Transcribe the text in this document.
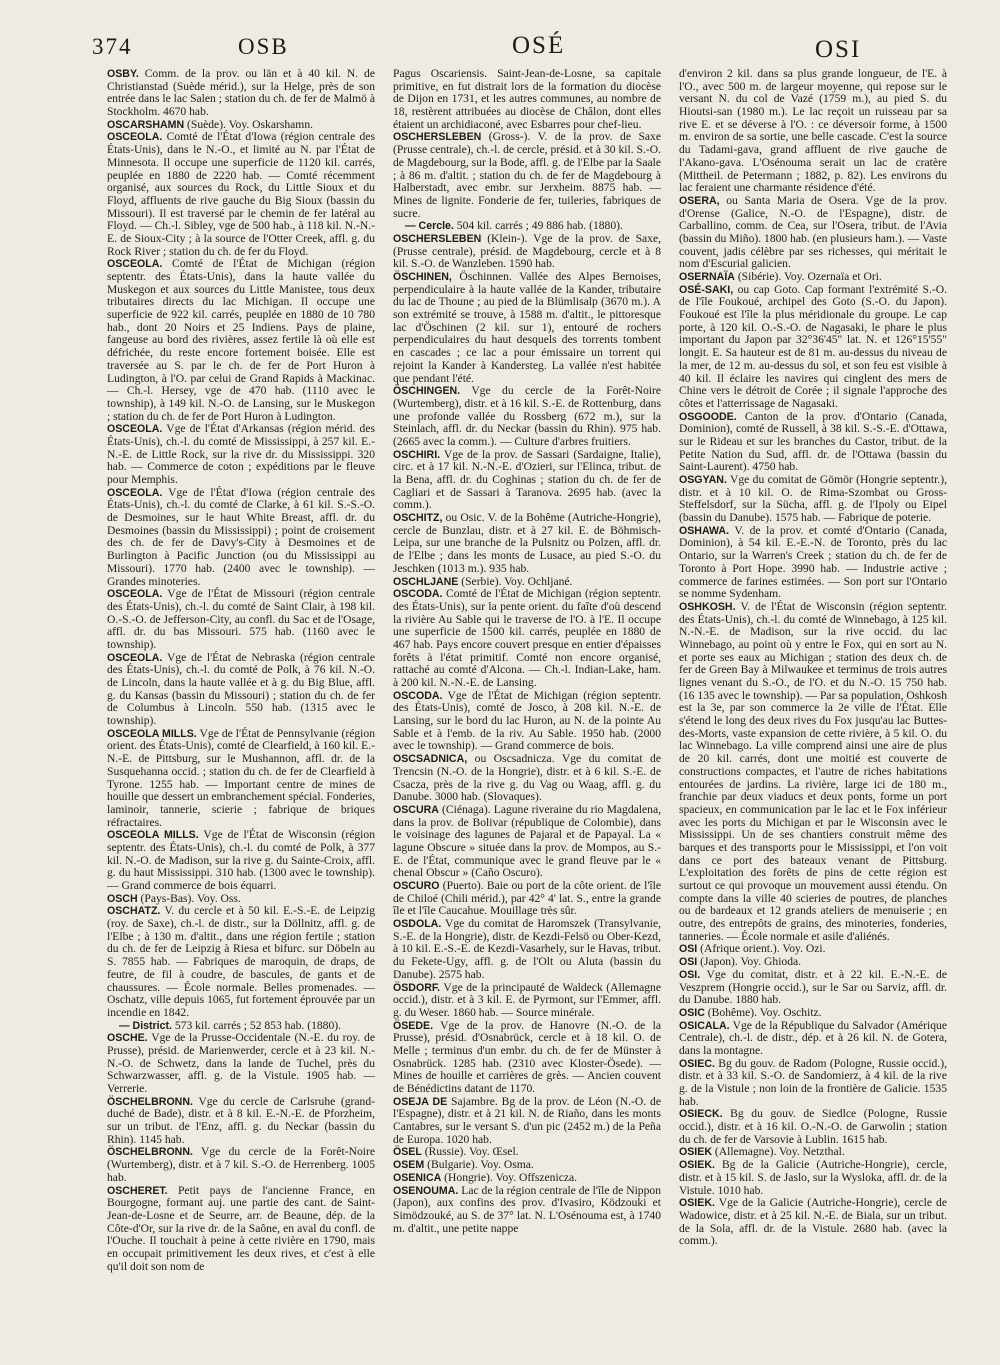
374	OSB	OSÉ	OSI

OSBY. Comm. de la prov. ou län et à 40 kil. N. de Christianstad (Suède mérid.), sur la Helge, près de son entrée dans le lac Salen ; station du ch. de fer de Malmö à Stockholm. 4670 hab.

OSCARSHAMN (Suède). Voy. Oskarshamn.

OSCEOLA. Comté de l'État d'Iowa (région centrale des États-Unis), dans le N.-O., et limité au N. par l'État de Minnesota. Il occupe une superficie de 1120 kil. carrés, peuplée en 1880 de 2220 hab. — Comté récemment organisé, aux sources du Rock, du Little Sioux et du Floyd, affluents de rive gauche du Big Sioux (bassin du Missouri). Il est traversé par le chemin de fer latéral au Floyd. — Ch.-l. Sibley, vge de 500 hab., à 118 kil. N.-N.-E. de Sioux-City ; à la source de l'Otter Creek, affl. g. du Rock River ; station du ch. de fer du Floyd.

OSCEOLA. Comté de l'État de Michigan (région septentr. des États-Unis), dans la haute vallée du Muskegon et aux sources du Little Manistee, tous deux tributaires directs du lac Michigan. Il occupe une superficie de 922 kil. carrés, peuplée en 1880 de 10 780 hab., dont 20 Noirs et 25 Indiens. Pays de plaine, fangeuse au bord des rivières, assez fertile là où elle est défrichée, du reste encore fortement boisée. Elle est traversée au S. par le ch. de fer de Port Huron à Ludington, à l'O. par celui de Grand Rapids à Mackinac. — Ch.-l. Hersey, vge de 470 hab. (1110 avec le township), à 149 kil. N.-O. de Lansing, sur le Muskegon ; station du ch. de fer de Port Huron à Ludington.

OSCEOLA. Vge de l'État d'Arkansas (région mérid. des États-Unis), ch.-l. du comté de Mississippi, à 257 kil. E.-N.-E. de Little Rock, sur la rive dr. du Mississippi. 320 hab. — Commerce de coton ; expéditions par le fleuve pour Memphis.

OSCEOLA. Vge de l'État d'Iowa (région centrale des États-Unis), ch.-l. du comté de Clarke, à 61 kil. S.-S.-O. de Desmoines, sur le haut White Breast, affl. dr. du Desmoines (bassin du Mississippi) ; point de croisement des ch. de fer de Davy's-City à Desmoines et de Burlington à Pacific Junction (ou du Mississippi au Missouri). 1770 hab. (2400 avec le township). — Grandes minoteries.

OSCEOLA. Vge de l'État de Missouri (région centrale des États-Unis), ch.-l. du comté de Saint Clair, à 198 kil. O.-S.-O. de Jefferson-City, au confl. du Sac et de l'Osage, affl. dr. du bas Missouri. 575 hab. (1160 avec le township).

OSCEOLA. Vge de l'État de Nebraska (région centrale des États-Unis), ch.-l. du comté de Polk, à 76 kil. N.-O. de Lincoln, dans la haute vallée et à g. du Big Blue, affl. g. du Kansas (bassin du Missouri) ; station du ch. de fer de Columbus à Lincoln. 550 hab. (1315 avec le township).

OSCEOLA MILLS. Vge de l'État de Pennsylvanie (région orient. des États-Unis), comté de Clearfield, à 160 kil. E.-N.-E. de Pittsburg, sur le Mushannon, affl. dr. de la Susquehanna occid. ; station du ch. de fer de Clearfield à Tyrone. 1255 hab. — Important centre de mines de houille que dessert un embranchement spécial. Fonderies, laminoir, tannerie, scierie ; fabrique de briques réfractaires.

OSCEOLA MILLS. Vge de l'État de Wisconsin (région septentr. des États-Unis), ch.-l. du comté de Polk, à 377 kil. N.-O. de Madison, sur la rive g. du Sainte-Croix, affl. g. du haut Mississippi. 310 hab. (1300 avec le township). — Grand commerce de bois équarri.

OSCH (Pays-Bas). Voy. Oss.

OSCHATZ. V. du cercle et à 50 kil. E.-S.-E. de Leipzig (roy. de Saxe), ch.-l. de distr., sur la Döllnitz, affl. g. de l'Elbe ; à 130 m. d'altit., dans une région fertile ; station du ch. de fer de Leipzig à Riesa et bifurc. sur Döbeln au S. 7855 hab. — Fabriques de maroquin, de draps, de feutre, de fil à coudre, de bascules, de gants et de chaussures. — École normale. Belles promenades. — Oschatz, ville depuis 1065, fut fortement éprouvée par un incendie en 1842.

— District. 573 kil. carrés ; 52 853 hab. (1880).

OSCHE. Vge de la Prusse-Occidentale (N.-E. du roy. de Prusse), présid. de Marienwerder, cercle et à 23 kil. N.-N.-O. de Schwetz, dans la lande de Tuchel, près du Schwarzwasser, affl. g. de la Vistule. 1905 hab. — Verrerie.

ÖSCHELBRONN. Vge du cercle de Carlsruhe (grand-duché de Bade), distr. et à 8 kil. E.-N.-E. de Pforzheim, sur un tribut. de l'Enz, affl. g. du Neckar (bassin du Rhin). 1145 hab.

ÖSCHELBRONN. Vge du cercle de la Forêt-Noire (Wurtemberg), distr. et à 7 kil. S.-O. de Herrenberg. 1005 hab.

OSCHERET. Petit pays de l'ancienne France, en Bourgogne, formant auj. une partie des cant. de Saint-Jean-de-Losne et de Seurre, arr. de Beaune, dép. de la Côte-d'Or, sur la rive dr. de la Saône, en aval du confl. de l'Ouche. Il touchait à peine à cette rivière en 1790, mais en occupait primitivement les deux rives, et c'est à elle qu'il doit son nom de

Pagus Oscariensis. Saint-Jean-de-Losne, sa capitale primitive, en fut distrait lors de la formation du diocèse de Dijon en 1731, et les autres communes, au nombre de 18, restèrent attribuées au diocèse de Châlon, dont elles étaient un archidiaconé, avec Esbarres pour chef-lieu.

OSCHERSLEBEN (Gross-). V. de la prov. de Saxe (Prusse centrale), ch.-l. de cercle, présid. et à 30 kil. S.-O. de Magdebourg, sur la Bode, affl. g. de l'Elbe par la Saale ; à 86 m. d'altit. ; station du ch. de fer de Magdebourg à Halberstadt, avec embr. sur Jerxheim. 8875 hab. — Mines de lignite. Fonderie de fer, tuileries, fabriques de sucre.

— Cercle. 504 kil. carrés ; 49 886 hab. (1880).

OSCHERSLEBEN (Klein-). Vge de la prov. de Saxe, (Prusse centrale), présid. de Magdebourg, cercle et à 8 kil. S.-O. de Wanzleben. 1590 hab.

ÖSCHINEN, Öschinnen. Vallée des Alpes Bernoises, perpendiculaire à la haute vallée de la Kander, tributaire du lac de Thoune ; au pied de la Blümlisalp (3670 m.). A son extrémité se trouve, à 1588 m. d'altit., le pittoresque lac d'Öschinen (2 kil. sur 1), entouré de rochers perpendiculaires du haut desquels des torrents tombent en cascades ; ce lac a pour émissaire un torrent qui rejoint la Kander à Kandersteg. La vallée n'est habitée que pendant l'été.

ÖSCHINGEN. Vge du cercle de la Forêt-Noire (Wurtemberg), distr. et à 16 kil. S.-E. de Rottenburg, dans une profonde vallée du Rossberg (672 m.), sur la Steinlach, affl. dr. du Neckar (bassin du Rhin). 975 hab. (2665 avec la comm.). — Culture d'arbres fruitiers.

OSCHIRI. Vge de la prov. de Sassari (Sardaigne, Italie), circ. et à 17 kil. N.-N.-E. d'Ozieri, sur l'Elinca, tribut. de la Bena, affl. dr. du Coghinas ; station du ch. de fer de Cagliari et de Sassari à Taranova. 2695 hab. (avec la comm.).

OSCHITZ, ou Osic. V. de la Bohême (Autriche-Hongrie), cercle de Bunzlau, distr. et à 27 kil. E. de Böhmisch-Leipa, sur une branche de la Pulsnitz ou Polzen, affl. dr. de l'Elbe ; dans les monts de Lusace, au pied S.-O. du Jeschken (1013 m.). 935 hab.

OSCHLJANE (Serbie). Voy. Ochljané.

OSCODA. Comté de l'État de Michigan (région septentr. des États-Unis), sur la pente orient. du faîte d'où descend la rivière Au Sable qui le traverse de l'O. à l'E. Il occupe une superficie de 1500 kil. carrés, peuplée en 1880 de 467 hab. Pays encore couvert presque en entier d'épaisses forêts à l'état primitif. Comté non encore organisé, rattaché au comté d'Alcona. — Ch.-l. Indian-Lake, ham. à 200 kil. N.-N.-E. de Lansing.

OSCODA. Vge de l'État de Michigan (région septentr. des États-Unis), comté de Josco, à 208 kil. N.-E. de Lansing, sur le bord du lac Huron, au N. de la pointe Au Sable et à l'emb. de la riv. Au Sable. 1950 hab. (2000 avec le township). — Grand commerce de bois.

OSCSADNICA, ou Oscsadnicza. Vge du comitat de Trencsin (N.-O. de la Hongrie), distr. et à 6 kil. S.-E. de Csacza, près de la rive g. du Vag ou Waag, affl. g. du Danube. 3000 hab. (Slovaques).

OSCURA (Ciénaga). Lagune riveraine du rio Magdalena, dans la prov. de Bolivar (république de Colombie), dans le voisinage des lagunes de Pajaral et de Papayal. La « lagune Obscure » située dans la prov. de Mompos, au S.-E. de l'État, communique avec le grand fleuve par le « chenal Obscur » (Caño Oscuro).

OSCURO (Puerto). Baie ou port de la côte orient. de l'île de Chiloé (Chili mérid.), par 42° 4' lat. S., entre la grande île et l'île Caucahue. Mouillage très sûr.

OSDOLA. Vge du comitat de Haromszek (Transylvanie, S.-E. de la Hongrie), distr. de Kezdi-Felsö ou Ober-Kezd, à 10 kil. E.-S.-E. de Kezdi-Vasarhely, sur le Havas, tribut. du Fekete-Ugy, affl. g. de l'Olt ou Aluta (bassin du Danube). 2575 hab.

ÖSDORF. Vge de la principauté de Waldeck (Allemagne occid.), distr. et à 3 kil. E. de Pyrmont, sur l'Emmer, affl. g. du Weser. 1860 hab. — Source minérale.

ÖSEDE. Vge de la prov. de Hanovre (N.-O. de la Prusse), présid. d'Osnabrück, cercle et à 18 kil. O. de Melle ; terminus d'un embr. du ch. de fer de Münster à Osnabrück. 1285 hab. (2310 avec Kloster-Ösede). — Mines de houille et carrières de grès. — Ancien couvent de Bénédictins datant de 1170.

OSEJA DE Sajambre. Bg de la prov. de Léon (N.-O. de l'Espagne), distr. et à 21 kil. N. de Riaño, dans les monts Cantabres, sur le versant S. d'un pic (2452 m.) de la Peña de Europa. 1020 hab.

ÖSEL (Russie). Voy. Œsel.

OSEM (Bulgarie). Voy. Osma.

OSENICA (Hongrie). Voy. Offszenicza.

OSENOUMA. Lac de la région centrale de l'île de Nippon (Japon), aux confins des prov. d'Ivasiro, Ködzouki et Simödzouké, au S. de 37° lat. N. L'Osénouma est, à 1740 m. d'altit., une petite nappe

d'environ 2 kil. dans sa plus grande longueur, de l'E. à l'O., avec 500 m. de largeur moyenne, qui repose sur le versant N. du col de Vazé (1759 m.), au pied S. du Hioutsi-san (1980 m.). Le lac reçoit un ruisseau par sa rive E. et se déverse à l'O. : ce déversoir forme, à 1500 m. environ de sa sortie, une belle cascade. C'est la source du Tadami-gava, grand affluent de rive gauche de l'Akano-gava. L'Osénouma serait un lac de cratère (Mittheil. de Petermann ; 1882, p. 82). Les environs du lac feraient une charmante résidence d'été.

OSERA, ou Santa Maria de Osera. Vge de la prov. d'Orense (Galice, N.-O. de l'Espagne), distr. de Carballino, comm. de Cea, sur l'Osera, tribut. de l'Avia (bassin du Miño). 1800 hab. (en plusieurs ham.). — Vaste couvent, jadis célèbre par ses richesses, qui méritait le nom d'Escurial galicien.

OSERNAÏA (Sibérie). Voy. Ozernaïa et Ori.

OSÉ-SAKI, ou cap Goto. Cap formant l'extrémité S.-O. de l'île Foukoué, archipel des Goto (S.-O. du Japon). Foukoué est l'île la plus méridionale du groupe. Le cap porte, à 120 kil. O.-S.-O. de Nagasaki, le phare le plus important du Japon par 32°36'45" lat. N. et 126°15'55" longit. E. Sa hauteur est de 81 m. au-dessus du niveau de la mer, de 12 m. au-dessus du sol, et son feu est visible à 40 kil. Il éclaire les navires qui cinglent des mers de Chine vers le détroit de Corée ; il signale l'approche des côtes et l'atterrissage de Nagasaki.

OSGOODE. Canton de la prov. d'Ontario (Canada, Dominion), comté de Russell, à 38 kil. S.-S.-E. d'Ottawa, sur le Rideau et sur les branches du Castor, tribut. de la Petite Nation du Sud, affl. dr. de l'Ottawa (bassin du Saint-Laurent). 4750 hab.

OSGYAN. Vge du comitat de Gömör (Hongrie septentr.), distr. et à 10 kil. O. de Rima-Szombat ou Gross-Steffelsdorf, sur la Sücha, affl. g. de l'Ipoly ou Eipel (bassin du Danube). 1575 hab. — Fabrique de poterie.

OSHAWA. V. de la prov. et comté d'Ontario (Canada, Dominion), à 54 kil. E.-E.-N. de Toronto, près du lac Ontario, sur la Warren's Creek ; station du ch. de fer de Toronto à Port Hope. 3990 hab. — Industrie active ; commerce de farines estimées. — Son port sur l'Ontario se nomme Sydenham.

OSHKOSH. V. de l'État de Wisconsin (région septentr. des États-Unis), ch.-l. du comté de Winnebago, à 125 kil. N.-N.-E. de Madison, sur la rive occid. du lac Winnebago, au point où y entre le Fox, qui en sort au N. et porte ses eaux au Michigan ; station des deux ch. de fer de Green Bay à Milwaukee et terminus de trois autres lignes venant du S.-O., de l'O. et du N.-O. 15 750 hab. (16 135 avec le township). — Par sa population, Oshkosh est la 3e, par son commerce la 2e ville de l'État. Elle s'étend le long des deux rives du Fox jusqu'au lac Buttes-des-Morts, vaste expansion de cette rivière, à 5 kil. O. du lac Winnebago. La ville comprend ainsi une aire de plus de 20 kil. carrés, dont une moitié est couverte de constructions compactes, et l'autre de riches habitations entourées de jardins. La rivière, large ici de 180 m., franchie par deux viaducs et deux ponts, forme un port spacieux, en communication par le lac et le Fox inférieur avec les ports du Michigan et par le Wisconsin avec le Mississippi. Un de ses chantiers construit même des barques et des transports pour le Mississippi, et l'on voit dans ce port des bateaux venant de Pittsburg. L'exploitation des forêts de pins de cette région est surtout ce qui provoque un mouvement aussi étendu. On compte dans la ville 40 scieries de poutres, de planches ou de bardeaux et 12 grands ateliers de menuiserie ; en outre, des entrepôts de grains, des minoteries, fonderies, tanneries. — École normale et asile d'aliénés.

OSI (Afrique orient.). Voy. Ozi.

OSI (Japon). Voy. Ghioda.

OSI. Vge du comitat, distr. et à 22 kil. E.-N.-E. de Veszprem (Hongrie occid.), sur le Sar ou Sarviz, affl. dr. du Danube. 1880 hab.

OSIC (Bohême). Voy. Oschitz.

OSICALA. Vge de la République du Salvador (Amérique Centrale), ch.-l. de distr., dép. et à 26 kil. N. de Gotera, dans la montagne.

OSIEC. Bg du gouv. de Radom (Pologne, Russie occid.), distr. et à 33 kil. S.-O. de Sandomierz, à 4 kil. de la rive g. de la Vistule ; non loin de la frontière de Galicie. 1535 hab.

OSIECK. Bg du gouv. de Siedlce (Pologne, Russie occid.), distr. et à 16 kil. O.-N.-O. de Garwolin ; station du ch. de fer de Varsovie à Lublin. 1615 hab.

OSIEK (Allemagne). Voy. Netzthal.

OSIEK. Bg de la Galicie (Autriche-Hongrie), cercle, distr. et à 15 kil. S. de Jaslo, sur la Wysloka, affl. dr. de la Vistule. 1010 hab.

OSIEK. Vge de la Galicie (Autriche-Hongrie), cercle de Wadowice, distr. et à 25 kil. N.-E. de Biala, sur un tribut. de la Sola, affl. dr. de la Vistule. 2680 hab. (avec la comm.).
